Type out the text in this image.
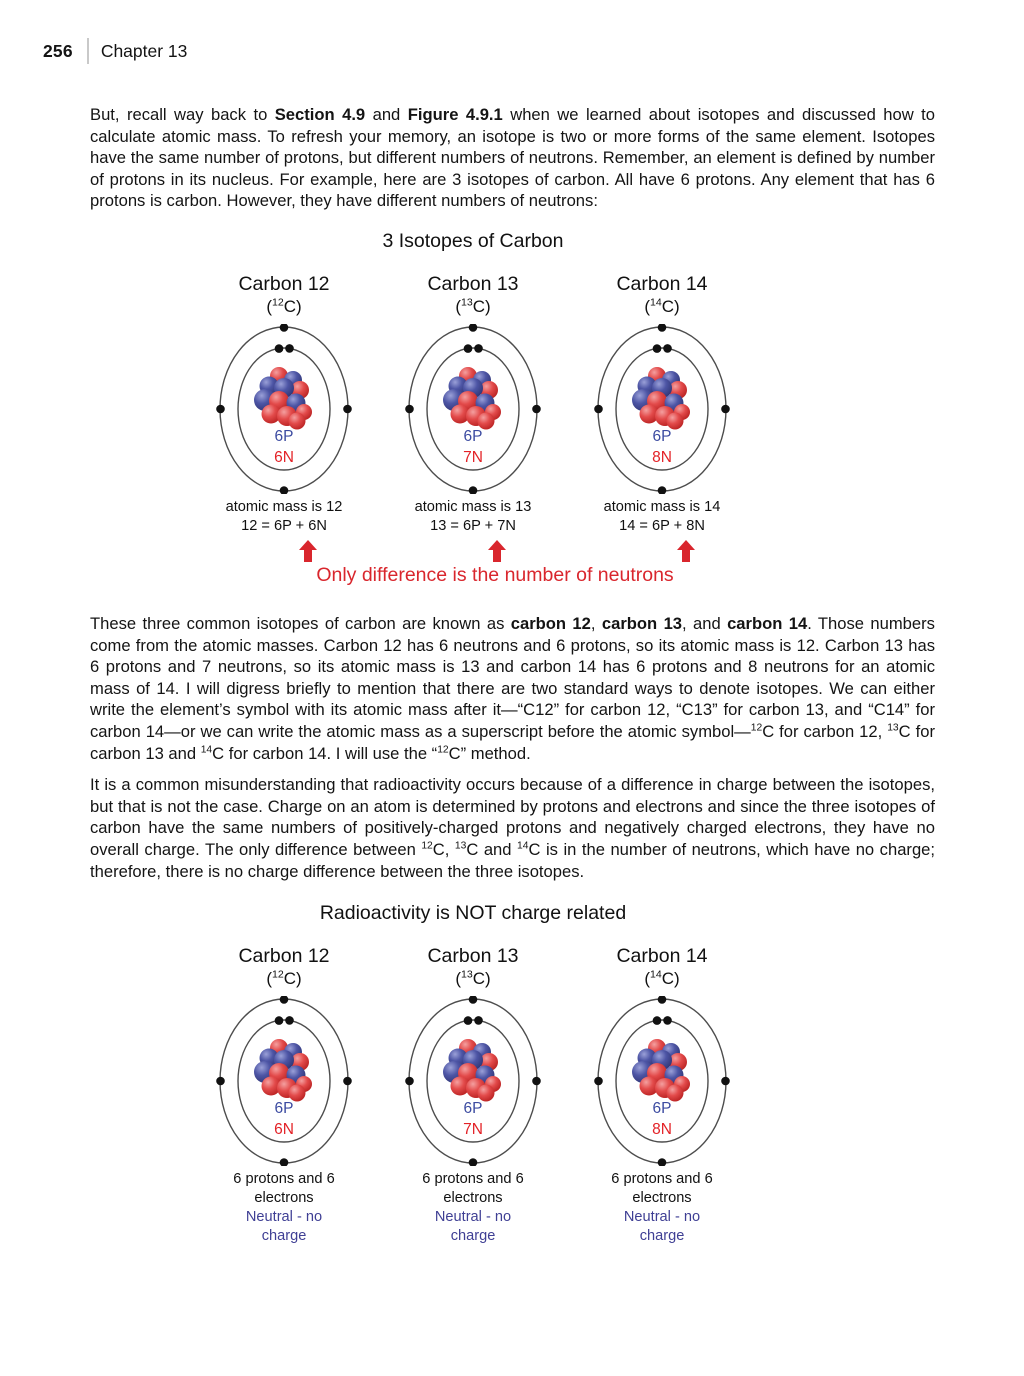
256 Chapter 13

But, recall way back to Section 4.9 and Figure 4.9.1 when we learned about isotopes and discussed how to calculate atomic mass. To refresh your memory, an isotope is two or more forms of the same element. Isotopes have the same number of protons, but different numbers of neutrons. Remember, an element is defined by number of protons in its nucleus. For example, here are 3 isotopes of carbon. All have 6 protons. Any element that has 6 protons is carbon. However, they have different numbers of neutrons:

3 Isotopes of Carbon
Carbon 12
($^{12}$C)
6P
6N
atomic mass is 12
12 = 6P + 6N
Carbon 13
($^{13}$C)
6P
7N
atomic mass is 13
13 = 6P + 7N
Carbon 14
($^{14}$C)
6P
8N
atomic mass is 14
14 = 6P + 8N
Only difference is the number of neutrons

These three common isotopes of carbon are known as carbon 12, carbon 13, and carbon 14. Those numbers come from the atomic masses. Carbon 12 has 6 neutrons and 6 protons, so its atomic mass is 12. Carbon 13 has 6 protons and 7 neutrons, so its atomic mass is 13 and carbon 14 has 6 protons and 8 neutrons for an atomic mass of 14. I will digress briefly to mention that there are two standard ways to denote isotopes. We can either write the element’s symbol with its atomic mass after it—“C12” for carbon 12, “C13” for carbon 13, and “C14” for carbon 14—or we can write the atomic mass as a superscript before the atomic symbol—$^{12}$C for carbon 12, $^{13}$C for carbon 13 and $^{14}$C for carbon 14. I will use the “$^{12}$C” method.

It is a common misunderstanding that radioactivity occurs because of a difference in charge between the isotopes, but that is not the case. Charge on an atom is determined by protons and electrons and since the three isotopes of carbon have the same numbers of positively-charged protons and negatively charged electrons, they have no overall charge. The only difference between $^{12}$C, $^{13}$C and $^{14}$C is in the number of neutrons, which have no charge; therefore, there is no charge difference between the three isotopes.

Radioactivity is NOT charge related
Carbon 12
($^{12}$C)
6P
6N
6 protons and 6
electrons
Neutral - no
charge
Carbon 13
($^{13}$C)
6P
7N
6 protons and 6
electrons
Neutral - no
charge
Carbon 14
($^{14}$C)
6P
8N
6 protons and 6
electrons
Neutral - no
charge
